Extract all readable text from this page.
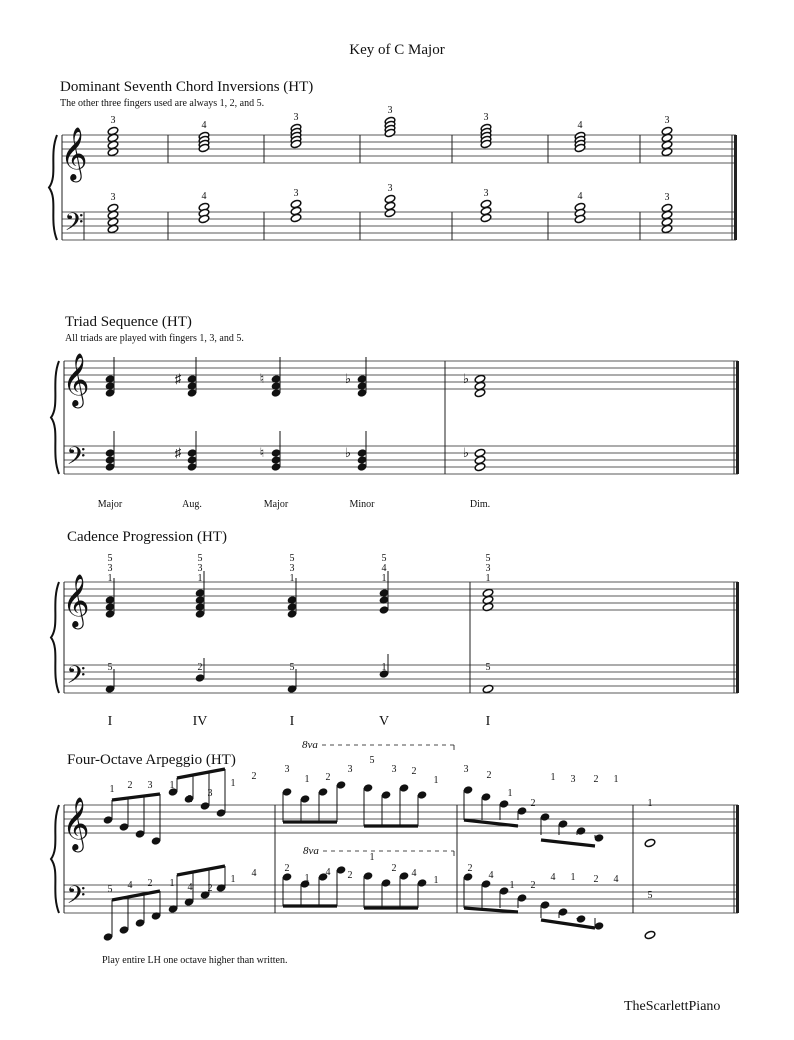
Key of C Major
Dominant Seventh Chord Inversions (HT)
The other three fingers used are always 1, 2, and 5.
Triad Sequence (HT)
All triads are played with fingers 1, 3, and 5.
Cadence Progression (HT)
Four-Octave Arpeggio (HT)
Play entire LH one octave higher than written.
TheScarlettPiano
𝄞
𝄢
𝄞
𝄢
𝄞
𝄢
𝄞
𝄢
♯
♯
♮
♮
♭
♭
♭
♭
3	4
3
3
3
4	3
3	4	3	3	3	4	3
Major	Aug.	Major	Minor	Dim.
5
3
1
5
I
5
3
1
2
IV
5
3
1
5
I
5
4
1
1
V
5
3
1
5
I
8va
8va
1 2 3 1
2
3
1
2
3
1 2
3
5
3 2
1
3
2
1
2
1 3 2 1
1
5 4 2 1 4 2
1
4	2
1
4 2
1
2 4
1
2
4
1 2
4 1 2 4
5
